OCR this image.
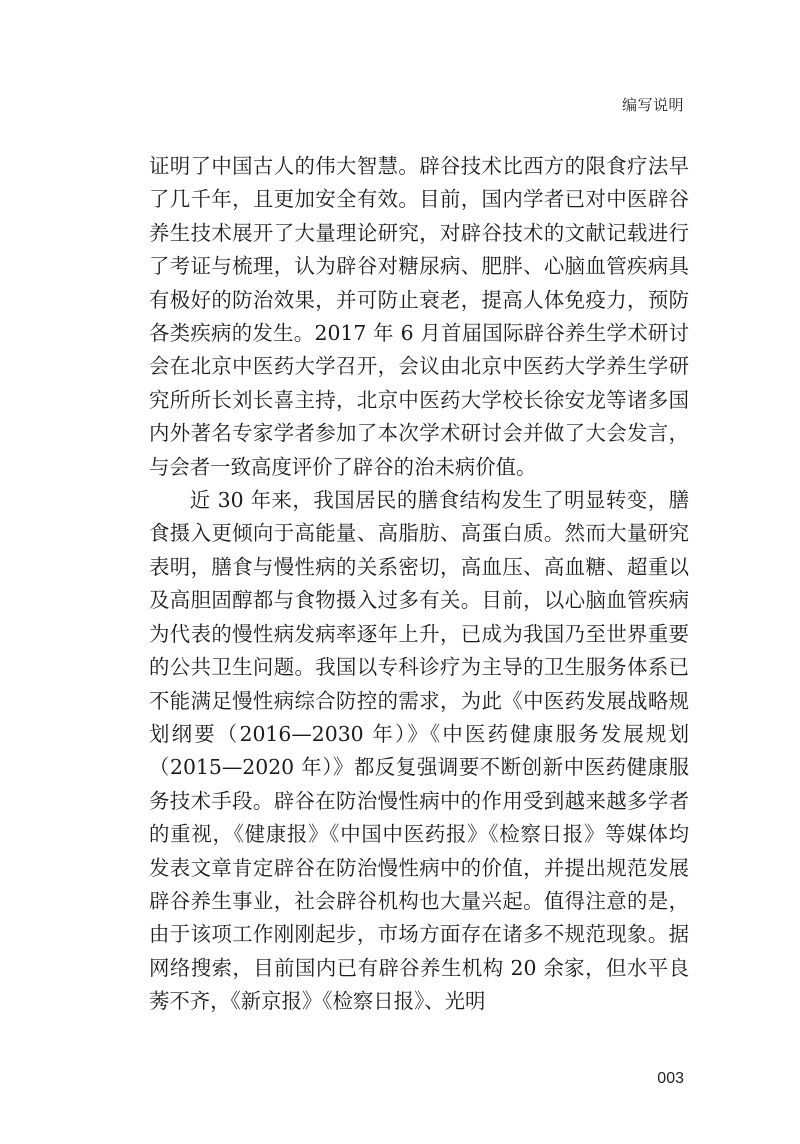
编写说明

证明了中国古人的伟大智慧。辟谷技术比西方的限食疗法早了几千年，且更加安全有效。目前，国内学者已对中医辟谷养生技术展开了大量理论研究，对辟谷技术的文献记载进行了考证与梳理，认为辟谷对糖尿病、肥胖、心脑血管疾病具有极好的防治效果，并可防止衰老，提高人体免疫力，预防各类疾病的发生。2017 年 6 月首届国际辟谷养生学术研讨会在北京中医药大学召开，会议由北京中医药大学养生学研究所所长刘长喜主持，北京中医药大学校长徐安龙等诸多国内外著名专家学者参加了本次学术研讨会并做了大会发言，与会者一致高度评价了辟谷的治未病价值。

近 30 年来，我国居民的膳食结构发生了明显转变，膳食摄入更倾向于高能量、高脂肪、高蛋白质。然而大量研究表明，膳食与慢性病的关系密切，高血压、高血糖、超重以及高胆固醇都与食物摄入过多有关。目前，以心脑血管疾病为代表的慢性病发病率逐年上升，已成为我国乃至世界重要的公共卫生问题。我国以专科诊疗为主导的卫生服务体系已不能满足慢性病综合防控的需求，为此《中医药发展战略规划纲要（2016—2030 年）》《中医药健康服务发展规划（2015—2020 年）》都反复强调要不断创新中医药健康服务技术手段。辟谷在防治慢性病中的作用受到越来越多学者的重视，《健康报》《中国中医药报》《检察日报》等媒体均发表文章肯定辟谷在防治慢性病中的价值，并提出规范发展辟谷养生事业，社会辟谷机构也大量兴起。值得注意的是，由于该项工作刚刚起步，市场方面存在诸多不规范现象。据网络搜索，目前国内已有辟谷养生机构 20 余家，但水平良莠不齐，《新京报》《检察日报》、光明

003
